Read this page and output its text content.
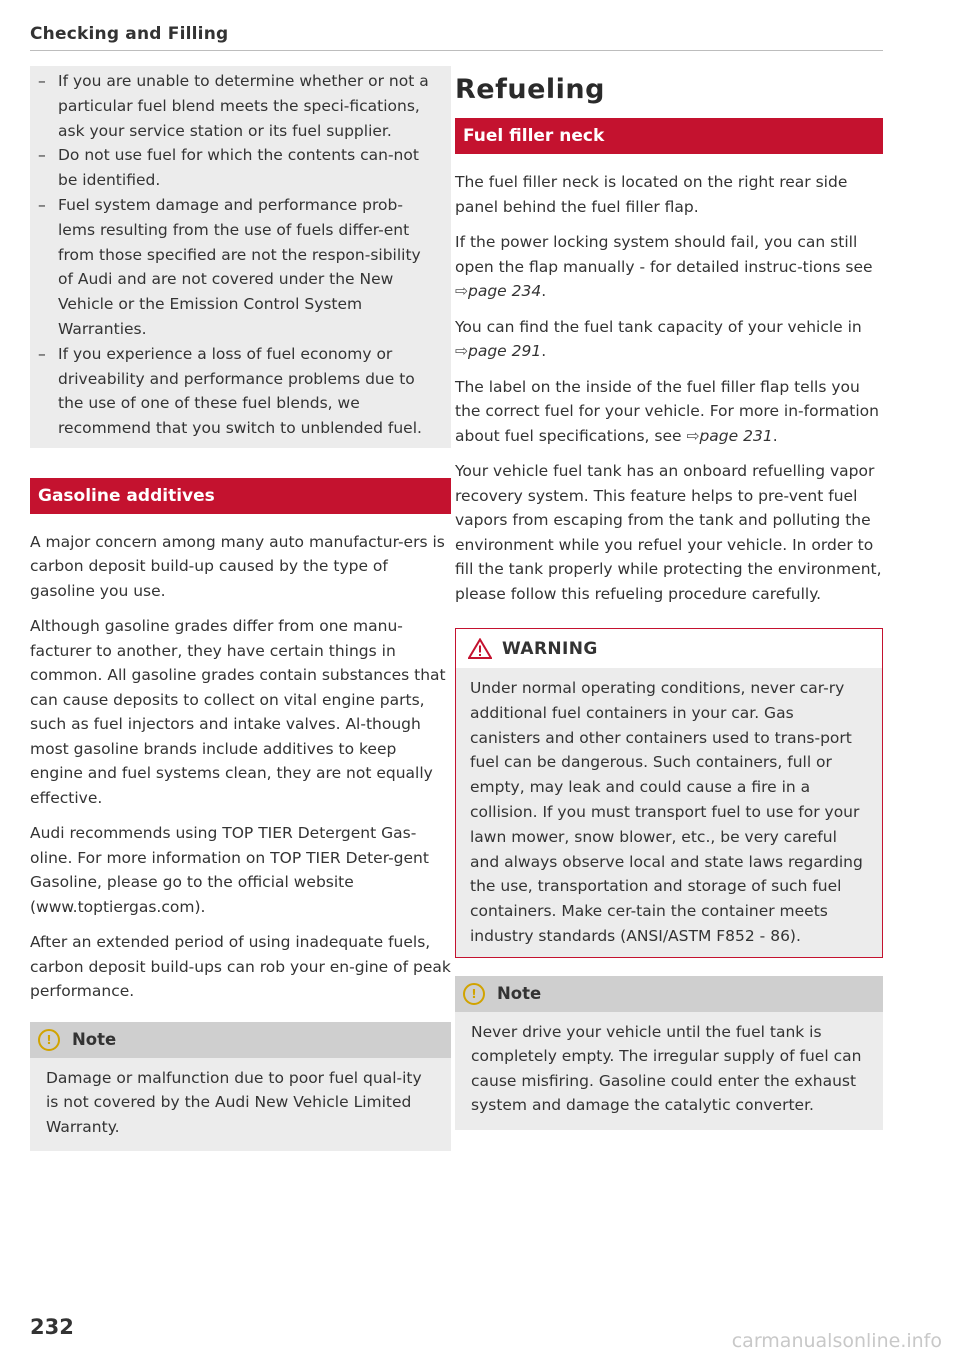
Checking and Filling
– If you are unable to determine whether or not a particular fuel blend meets the speci-fications, ask your service station or its fuel supplier.
– Do not use fuel for which the contents can-not be identified.
– Fuel system damage and performance prob-lems resulting from the use of fuels differ-ent from those specified are not the respon-sibility of Audi and are not covered under the New Vehicle or the Emission Control System Warranties.
– If you experience a loss of fuel economy or driveability and performance problems due to the use of one of these fuel blends, we recommend that you switch to unblended fuel.
Gasoline additives

A major concern among many auto manufactur-ers is carbon deposit build-up caused by the type of gasoline you use.

Although gasoline grades differ from one manu-facturer to another, they have certain things in common. All gasoline grades contain substances that can cause deposits to collect on vital engine parts, such as fuel injectors and intake valves. Al-though most gasoline brands include additives to keep engine and fuel systems clean, they are not equally effective.

Audi recommends using TOP TIER Detergent Gas-oline. For more information on TOP TIER Deter-gent Gasoline, please go to the official website (www.toptiergas.com).

After an extended period of using inadequate fuels, carbon deposit build-ups can rob your en-gine of peak performance.

!	Note

Damage or malfunction due to poor fuel qual-ity is not covered by the Audi New Vehicle Limited Warranty.

Refueling
Fuel filler neck

The fuel filler neck is located on the right rear side panel behind the fuel filler flap.

If the power locking system should fail, you can still open the flap manually - for detailed instruc-tions see ⇨page 234.

You can find the fuel tank capacity of your vehicle in ⇨page 291.

The label on the inside of the fuel filler flap tells you the correct fuel for your vehicle. For more in-formation about fuel specifications, see ⇨page 231.

Your vehicle fuel tank has an onboard refuelling vapor recovery system. This feature helps to pre-vent fuel vapors from escaping from the tank and polluting the environment while you refuel your vehicle. In order to fill the tank properly while protecting the environment, please follow this refueling procedure carefully.

WARNING

Under normal operating conditions, never car-ry additional fuel containers in your car. Gas canisters and other containers used to trans-port fuel can be dangerous. Such containers, full or empty, may leak and could cause a fire in a collision. If you must transport fuel to use for your lawn mower, snow blower, etc., be very careful and always observe local and state laws regarding the use, transportation and storage of such fuel containers. Make cer-tain the container meets industry standards (ANSI/ASTM F852 - 86).

!	Note

Never drive your vehicle until the fuel tank is completely empty. The irregular supply of fuel can cause misfiring. Gasoline could enter the exhaust system and damage the catalytic converter.

232
carmanualsonline.info
